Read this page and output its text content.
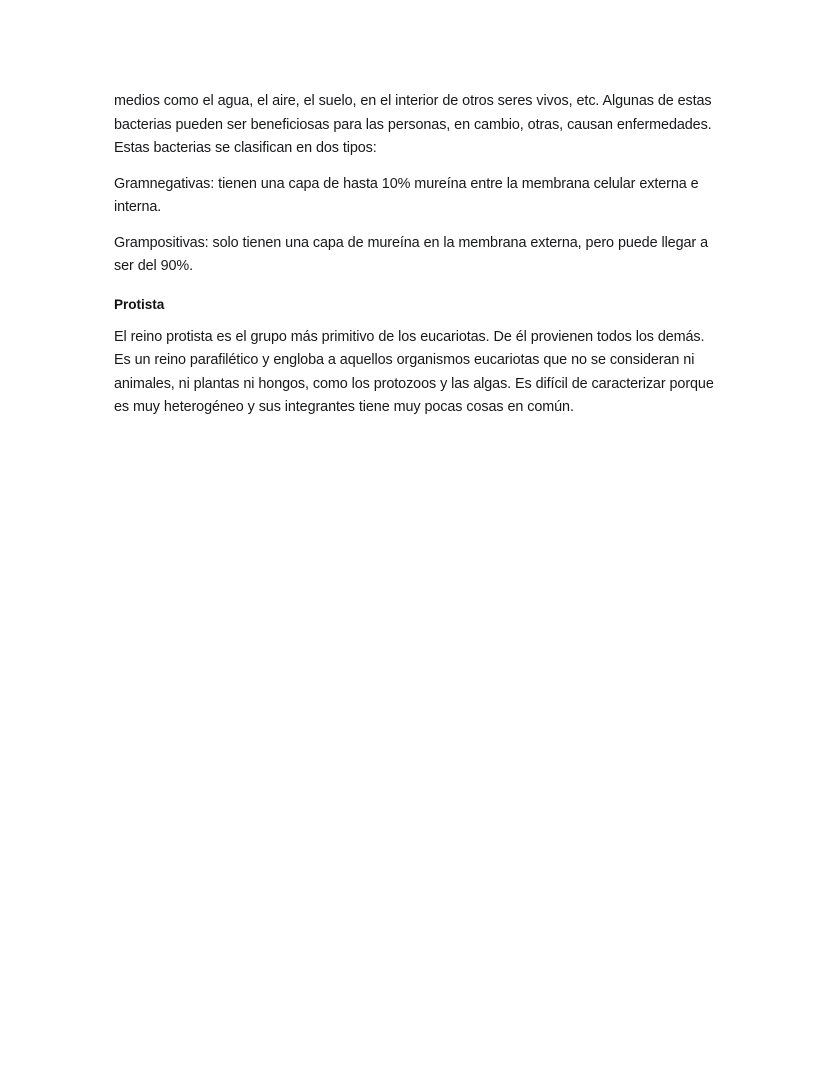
medios como el agua, el aire, el suelo, en el interior de otros seres vivos, etc. Algunas de estas bacterias pueden ser beneficiosas para las personas, en cambio, otras, causan enfermedades. Estas bacterias se clasifican en dos tipos:

Gramnegativas: tienen una capa de hasta 10% mureína entre la membrana celular externa e interna.

Grampositivas: solo tienen una capa de mureína en la membrana externa, pero puede llegar a ser del 90%.

Protista

El reino protista es el grupo más primitivo de los eucariotas. De él provienen todos los demás. Es un reino parafilético y engloba a aquellos organismos eucariotas que no se consideran ni animales, ni plantas ni hongos, como los protozoos y las algas. Es difícil de caracterizar porque es muy heterogéneo y sus integrantes tiene muy pocas cosas en común.
